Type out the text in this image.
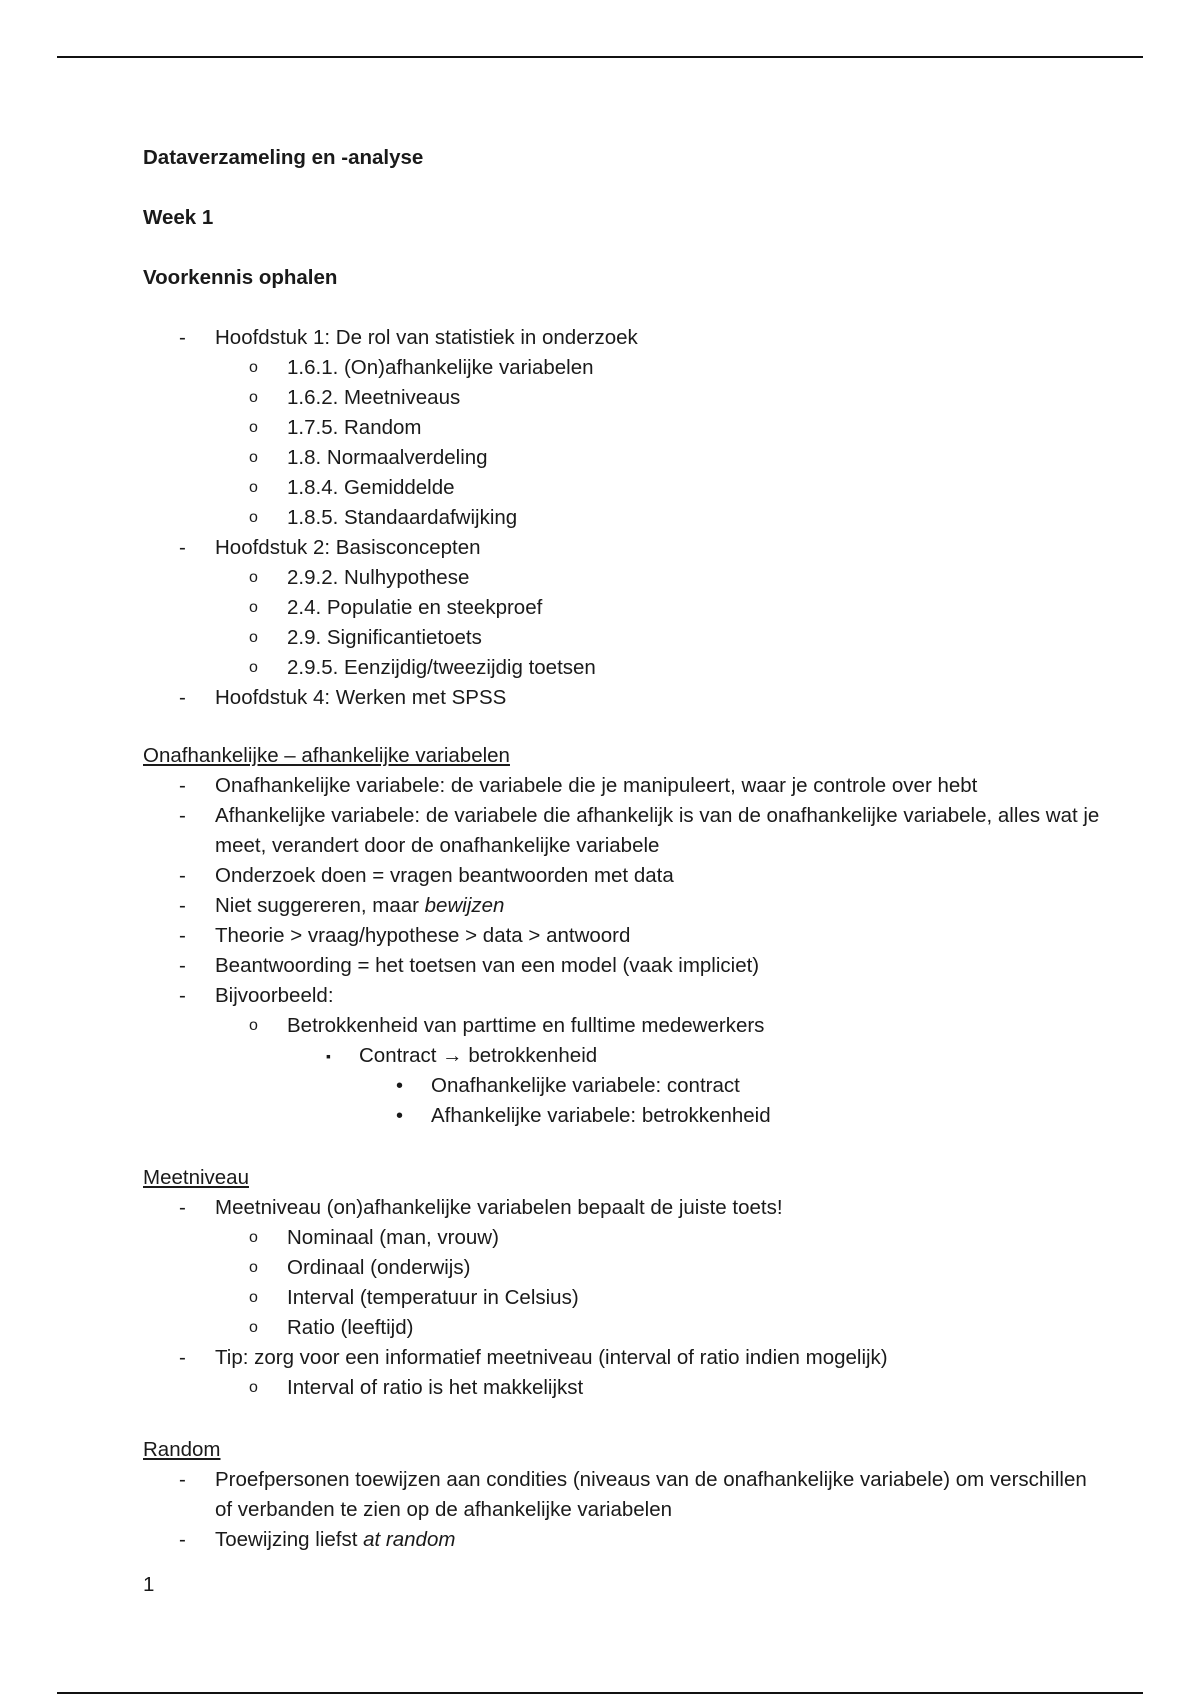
Dataverzameling en -analyse

Week 1

Voorkennis ophalen

- Hoofdstuk 1: De rol van statistiek in onderzoek
o 1.6.1. (On)afhankelijke variabelen
o 1.6.2. Meetniveaus
o 1.7.5. Random
o 1.8. Normaalverdeling
o 1.8.4. Gemiddelde
o 1.8.5. Standaardafwijking
- Hoofdstuk 2: Basisconcepten
o 2.9.2. Nulhypothese
o 2.4. Populatie en steekproef
o 2.9. Significantietoets
o 2.9.5. Eenzijdig/tweezijdig toetsen
- Hoofdstuk 4: Werken met SPSS

Onafhankelijke – afhankelijke variabelen

- Onafhankelijke variabele: de variabele die je manipuleert, waar je controle over hebt
- Afhankelijke variabele: de variabele die afhankelijk is van de onafhankelijke variabele, alles wat je meet, verandert door de onafhankelijke variabele
- Onderzoek doen = vragen beantwoorden met data
- Niet suggereren, maar bewijzen
- Theorie > vraag/hypothese > data > antwoord
- Beantwoording = het toetsen van een model (vaak impliciet)
- Bijvoorbeeld:
o Betrokkenheid van parttime en fulltime medewerkers
▪ Contract → betrokkenheid
• Onafhankelijke variabele: contract
• Afhankelijke variabele: betrokkenheid

Meetniveau

- Meetniveau (on)afhankelijke variabelen bepaalt de juiste toets!
o Nominaal (man, vrouw)
o Ordinaal (onderwijs)
o Interval (temperatuur in Celsius)
o Ratio (leeftijd)
- Tip: zorg voor een informatief meetniveau (interval of ratio indien mogelijk)
o Interval of ratio is het makkelijkst

Random

- Proefpersonen toewijzen aan condities (niveaus van de onafhankelijke variabele) om verschillen of verbanden te zien op de afhankelijke variabelen
- Toewijzing liefst at random
1
